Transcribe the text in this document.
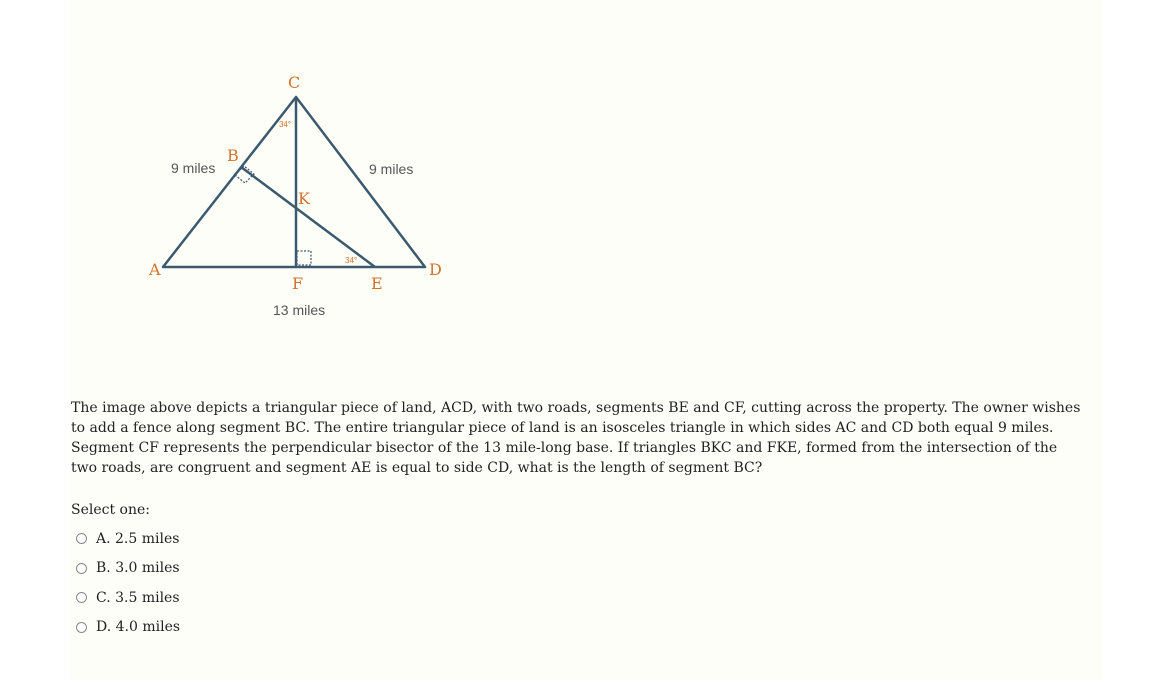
A
B
C
D
E
F
K
9 miles	9 miles
13 miles
34°
34°

The image above depicts a triangular piece of land, ACD, with two roads, segments BE and CF, cutting across the property. The owner wishes to add a fence along segment BC. The entire triangular piece of land is an isosceles triangle in which sides AC and CD both equal 9 miles. Segment CF represents the perpendicular bisector of the 13 mile-long base. If triangles BKC and FKE, formed from the intersection of the two roads, are congruent and segment AE is equal to side CD, what is the length of segment BC?

Select one:
A. 2.5 miles
B. 3.0 miles
C. 3.5 miles
D. 4.0 miles
